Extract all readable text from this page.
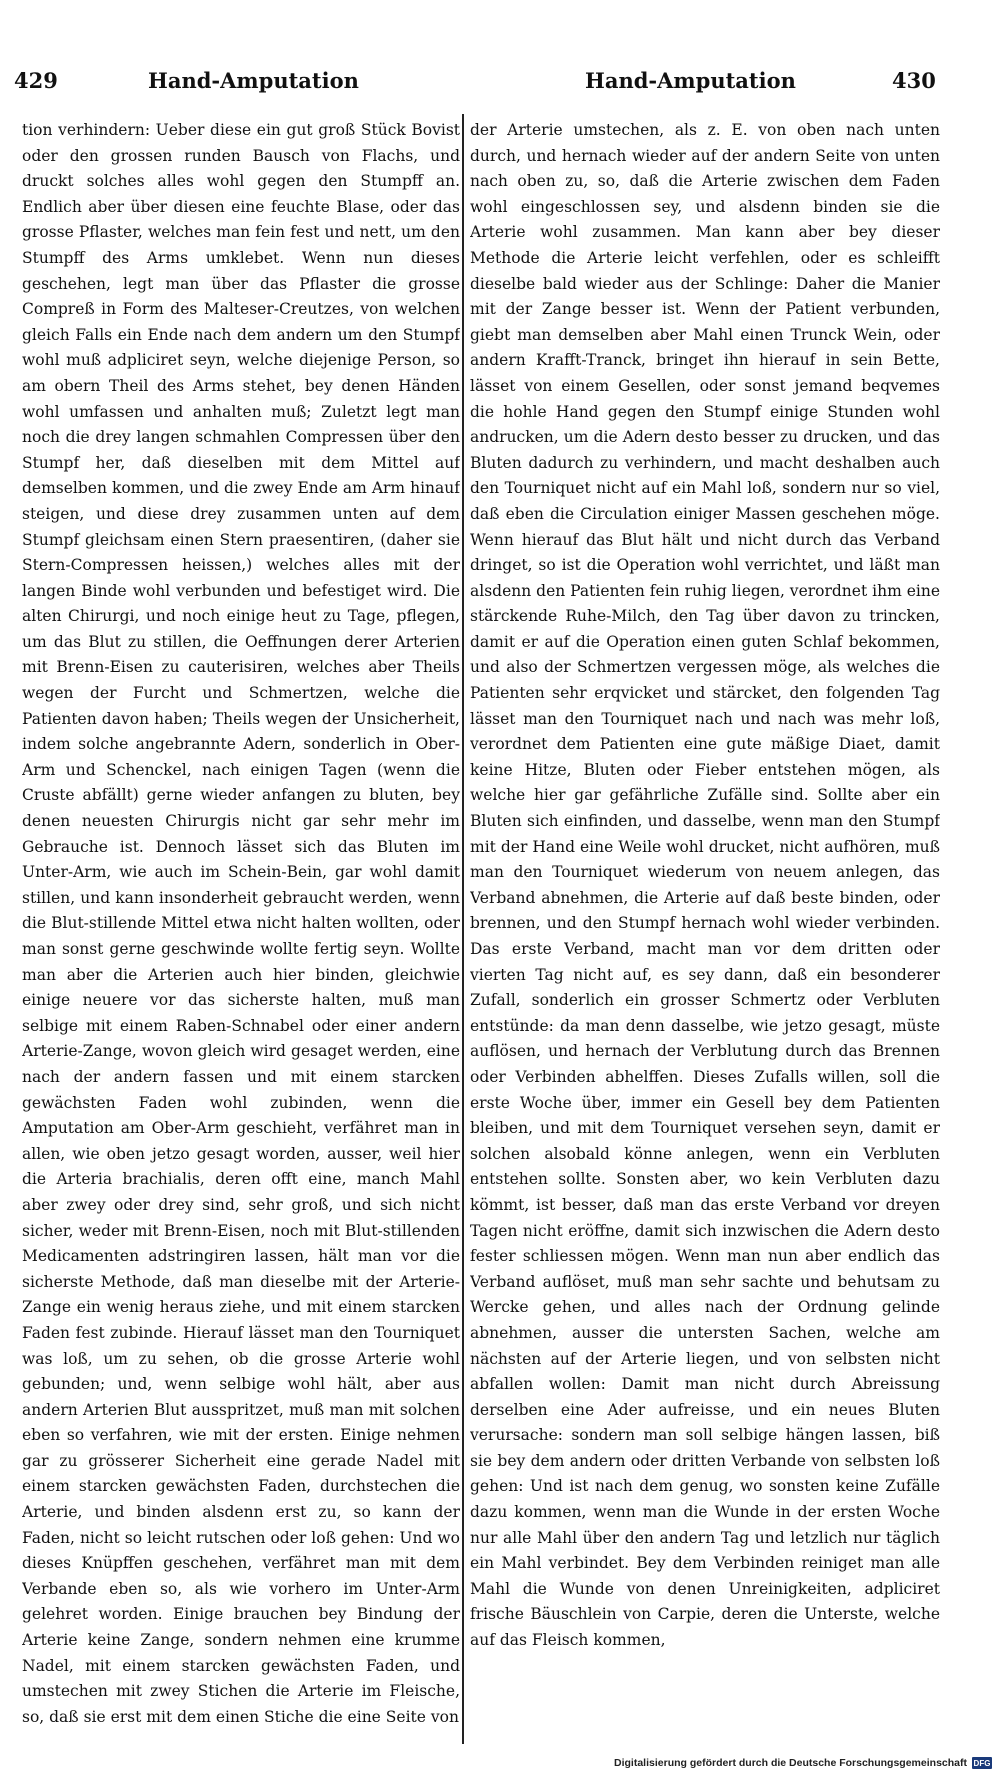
429	Hand-Amputation	Hand-Amputation	430
tion verhindern: Ueber diese ein gut groß Stück Bovist oder den grossen runden Bausch von Flachs, und druckt solches alles wohl gegen den Stumpff an. Endlich aber über diesen eine feuchte Blase, oder das grosse Pflaster, welches man fein fest und nett, um den Stumpff des Arms umklebet. Wenn nun dieses geschehen, legt man über das Pflaster die grosse Compreß in Form des Malteser-Creutzes, von welchen gleich Falls ein Ende nach dem andern um den Stumpf wohl muß adpliciret seyn, welche diejenige Person, so am obern Theil des Arms stehet, bey denen Händen wohl umfassen und anhalten muß; Zuletzt legt man noch die drey langen schmahlen Compressen über den Stumpf her, daß dieselben mit dem Mittel auf demselben kommen, und die zwey Ende am Arm hinauf steigen, und diese drey zusammen unten auf dem Stumpf gleichsam einen Stern praesentiren, (daher sie Stern-Compressen heissen,) welches alles mit der langen Binde wohl verbunden und befestiget wird. Die alten Chirurgi, und noch einige heut zu Tage, pflegen, um das Blut zu stillen, die Oeffnungen derer Arterien mit Brenn-Eisen zu cauterisiren, welches aber Theils wegen der Furcht und Schmertzen, welche die Patienten davon haben; Theils wegen der Unsicherheit, indem solche angebrannte Adern, sonderlich in Ober-Arm und Schenckel, nach einigen Tagen (wenn die Cruste abfällt) gerne wieder anfangen zu bluten, bey denen neuesten Chirurgis nicht gar sehr mehr im Gebrauche ist. Dennoch lässet sich das Bluten im Unter-Arm, wie auch im Schein-Bein, gar wohl damit stillen, und kann insonderheit gebraucht werden, wenn die Blut-stillende Mittel etwa nicht halten wollten, oder man sonst gerne geschwinde wollte fertig seyn. Wollte man aber die Arterien auch hier binden, gleichwie einige neuere vor das sicherste halten, muß man selbige mit einem Raben-Schnabel oder einer andern Arterie-Zange, wovon gleich wird gesaget werden, eine nach der andern fassen und mit einem starcken gewächsten Faden wohl zubinden, wenn die Amputation am Ober-Arm geschieht, verfähret man in allen, wie oben jetzo gesagt worden, ausser, weil hier die Arteria brachialis, deren offt eine, manch Mahl aber zwey oder drey sind, sehr groß, und sich nicht sicher, weder mit Brenn-Eisen, noch mit Blut-stillenden Medicamenten adstringiren lassen, hält man vor die sicherste Methode, daß man dieselbe mit der Arterie-Zange ein wenig heraus ziehe, und mit einem starcken Faden fest zubinde. Hierauf lässet man den Tourniquet was loß, um zu sehen, ob die grosse Arterie wohl gebunden; und, wenn selbige wohl hält, aber aus andern Arterien Blut ausspritzet, muß man mit solchen eben so verfahren, wie mit der ersten. Einige nehmen gar zu grösserer Sicherheit eine gerade Nadel mit einem starcken gewächsten Faden, durchstechen die Arterie, und binden alsdenn erst zu, so kann der Faden, nicht so leicht rutschen oder loß gehen: Und wo dieses Knüpffen geschehen, verfähret man mit dem Verbande eben so, als wie vorhero im Unter-Arm gelehret worden. Einige brauchen bey Bindung der Arterie keine Zange, sondern nehmen eine krumme Nadel, mit einem starcken gewächsten Faden, und umstechen mit zwey Stichen die Arterie im Fleische, so, daß sie erst mit dem einen Stiche die eine Seite von
der Arterie umstechen, als z. E. von oben nach unten durch, und hernach wieder auf der andern Seite von unten nach oben zu, so, daß die Arterie zwischen dem Faden wohl eingeschlossen sey, und alsdenn binden sie die Arterie wohl zusammen. Man kann aber bey dieser Methode die Arterie leicht verfehlen, oder es schleifft dieselbe bald wieder aus der Schlinge: Daher die Manier mit der Zange besser ist. Wenn der Patient verbunden, giebt man demselben aber Mahl einen Trunck Wein, oder andern Krafft-Tranck, bringet ihn hierauf in sein Bette, lässet von einem Gesellen, oder sonst jemand beqvemes die hohle Hand gegen den Stumpf einige Stunden wohl andrucken, um die Adern desto besser zu drucken, und das Bluten dadurch zu verhindern, und macht deshalben auch den Tourniquet nicht auf ein Mahl loß, sondern nur so viel, daß eben die Circulation einiger Massen geschehen möge. Wenn hierauf das Blut hält und nicht durch das Verband dringet, so ist die Operation wohl verrichtet, und läßt man alsdenn den Patienten fein ruhig liegen, verordnet ihm eine stärckende Ruhe-Milch, den Tag über davon zu trincken, damit er auf die Operation einen guten Schlaf bekommen, und also der Schmertzen vergessen möge, als welches die Patienten sehr erqvicket und stärcket, den folgenden Tag lässet man den Tourniquet nach und nach was mehr loß, verordnet dem Patienten eine gute mäßige Diaet, damit keine Hitze, Bluten oder Fieber entstehen mögen, als welche hier gar gefährliche Zufälle sind. Sollte aber ein Bluten sich einfinden, und dasselbe, wenn man den Stumpf mit der Hand eine Weile wohl drucket, nicht aufhören, muß man den Tourniquet wiederum von neuem anlegen, das Verband abnehmen, die Arterie auf daß beste binden, oder brennen, und den Stumpf hernach wohl wieder verbinden. Das erste Verband, macht man vor dem dritten oder vierten Tag nicht auf, es sey dann, daß ein besonderer Zufall, sonderlich ein grosser Schmertz oder Verbluten entstünde: da man denn dasselbe, wie jetzo gesagt, müste auflösen, und hernach der Verblutung durch das Brennen oder Verbinden abhelffen. Dieses Zufalls willen, soll die erste Woche über, immer ein Gesell bey dem Patienten bleiben, und mit dem Tourniquet versehen seyn, damit er solchen alsobald könne anlegen, wenn ein Verbluten entstehen sollte. Sonsten aber, wo kein Verbluten dazu kömmt, ist besser, daß man das erste Verband vor dreyen Tagen nicht eröffne, damit sich inzwischen die Adern desto fester schliessen mögen. Wenn man nun aber endlich das Verband auflöset, muß man sehr sachte und behutsam zu Wercke gehen, und alles nach der Ordnung gelinde abnehmen, ausser die untersten Sachen, welche am nächsten auf der Arterie liegen, und von selbsten nicht abfallen wollen: Damit man nicht durch Abreissung derselben eine Ader aufreisse, und ein neues Bluten verursache: sondern man soll selbige hängen lassen, biß sie bey dem andern oder dritten Verbande von selbsten loß gehen: Und ist nach dem genug, wo sonsten keine Zufälle dazu kommen, wenn man die Wunde in der ersten Woche nur alle Mahl über den andern Tag und letzlich nur täglich ein Mahl verbindet. Bey dem Verbinden reiniget man alle Mahl die Wunde von denen Unreinigkeiten, adpliciret frische Bäuschlein von Carpie, deren die Unterste, welche auf das Fleisch kommen,
Digitalisierung gefördert durch die Deutsche Forschungsgemeinschaft DFG
